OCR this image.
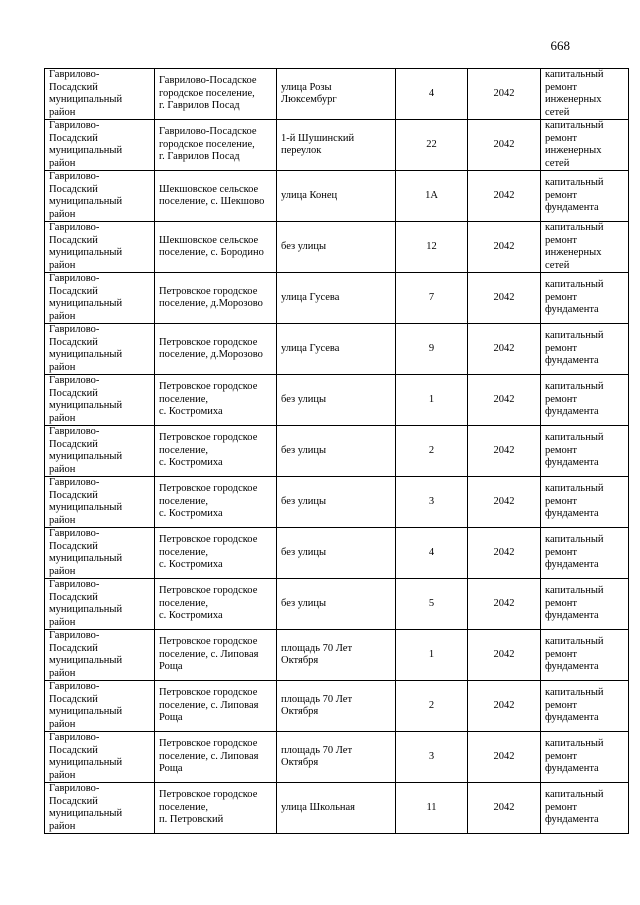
668
Гаврилово-
Посадский
муниципальный
район	Гаврилово-Посадское
городское поселение,
г. Гаврилов Посад	улица Розы
Люксембург	4	2042	капитальный
ремонт
инженерных
сетей
Гаврилово-
Посадский
муниципальный
район	Гаврилово-Посадское
городское поселение,
г. Гаврилов Посад	1-й Шушинский
переулок	22	2042	капитальный
ремонт
инженерных
сетей
Гаврилово-
Посадский
муниципальный
район	Шекшовское сельское
поселение, с. Шекшово	улица Конец	1А	2042	капитальный
ремонт
фундамента
Гаврилово-
Посадский
муниципальный
район	Шекшовское сельское
поселение, с. Бородино	без улицы	12	2042	капитальный
ремонт
инженерных
сетей
Гаврилово-
Посадский
муниципальный
район	Петровское городское
поселение, д.Морозово	улица Гусева	7	2042	капитальный
ремонт
фундамента
Гаврилово-
Посадский
муниципальный
район	Петровское городское
поселение, д.Морозово	улица Гусева	9	2042	капитальный
ремонт
фундамента
Гаврилово-
Посадский
муниципальный
район	Петровское городское
поселение,
с. Костромиха	без улицы	1	2042	капитальный
ремонт
фундамента
Гаврилово-
Посадский
муниципальный
район	Петровское городское
поселение,
с. Костромиха	без улицы	2	2042	капитальный
ремонт
фундамента
Гаврилово-
Посадский
муниципальный
район	Петровское городское
поселение,
с. Костромиха	без улицы	3	2042	капитальный
ремонт
фундамента
Гаврилово-
Посадский
муниципальный
район	Петровское городское
поселение,
с. Костромиха	без улицы	4	2042	капитальный
ремонт
фундамента
Гаврилово-
Посадский
муниципальный
район	Петровское городское
поселение,
с. Костромиха	без улицы	5	2042	капитальный
ремонт
фундамента
Гаврилово-
Посадский
муниципальный
район	Петровское городское
поселение, с. Липовая
Роща	площадь 70 Лет
Октября	1	2042	капитальный
ремонт
фундамента
Гаврилово-
Посадский
муниципальный
район	Петровское городское
поселение, с. Липовая
Роща	площадь 70 Лет
Октября	2	2042	капитальный
ремонт
фундамента
Гаврилово-
Посадский
муниципальный
район	Петровское городское
поселение, с. Липовая
Роща	площадь 70 Лет
Октября	3	2042	капитальный
ремонт
фундамента
Гаврилово-
Посадский
муниципальный
район	Петровское городское
поселение,
п. Петровский	улица Школьная	11	2042	капитальный
ремонт
фундамента
